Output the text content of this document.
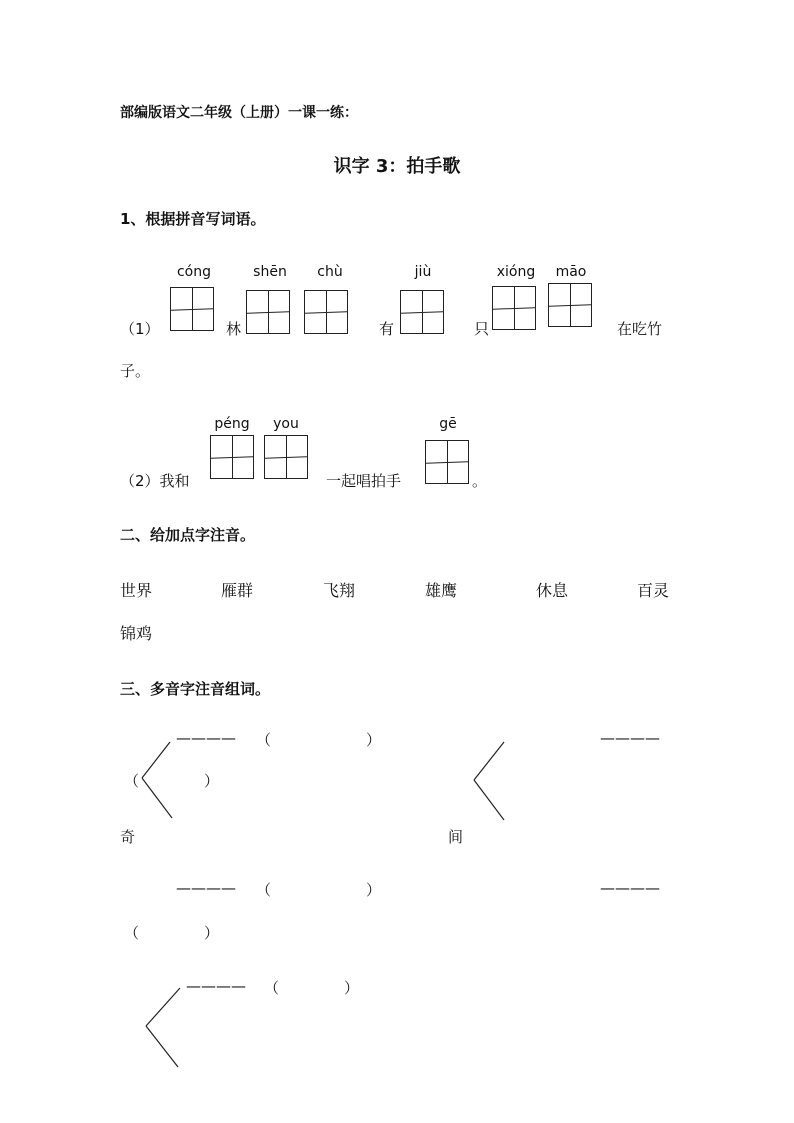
部编版语文二年级（上册）一课一练：
识字 3：拍手歌
1、根据拼音写词语。
cóng	shēn	chù	jiù	xióng	māo
（1）	林	有	只	在吃竹
子。
péng	you	gē
（2）我和	一起唱拍手	。
二、给加点字注音。
世界	雁群	飞翔	雄鹰	休息	百灵
锦鸡
三、多音字注音组词。
———— （	）	————
（	）
奇	间
———— （	）	————
（	）
———— （	）
